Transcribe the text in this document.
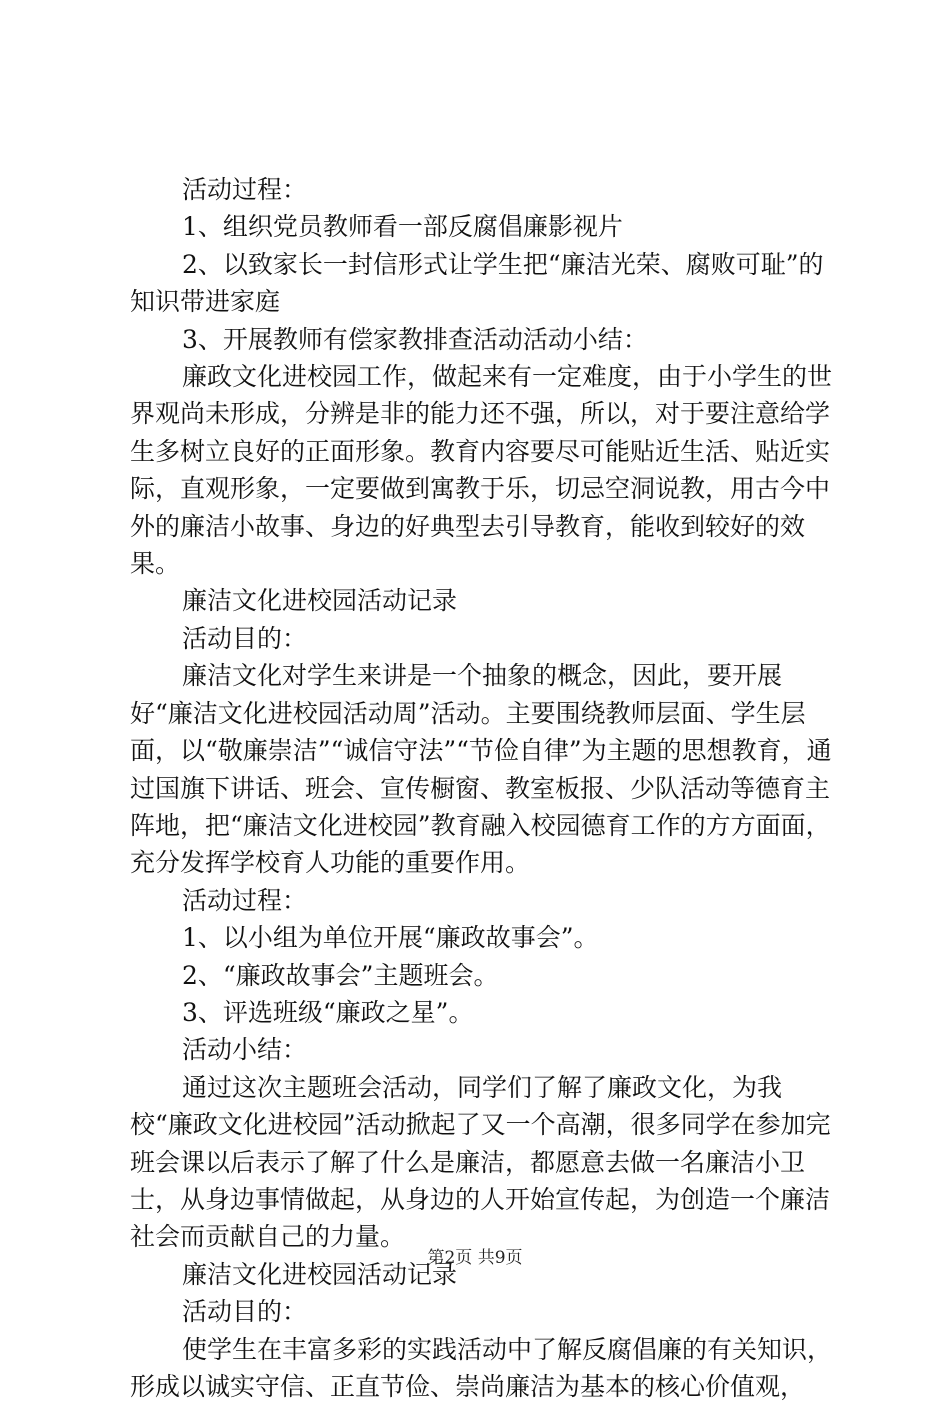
活动过程：

1、组织党员教师看一部反腐倡廉影视片

2、以致家长一封信形式让学生把“廉洁光荣、腐败可耻”的知识带进家庭

3、开展教师有偿家教排查活动活动小结：

廉政文化进校园工作，做起来有一定难度，由于小学生的世界观尚未形成，分辨是非的能力还不强，所以，对于要注意给学生多树立良好的正面形象。教育内容要尽可能贴近生活、贴近实际，直观形象，一定要做到寓教于乐，切忌空洞说教，用古今中外的廉洁小故事、身边的好典型去引导教育，能收到较好的效果。

廉洁文化进校园活动记录

活动目的：

廉洁文化对学生来讲是一个抽象的概念，因此，要开展好“廉洁文化进校园活动周”活动。主要围绕教师层面、学生层面，以“敬廉崇洁”“诚信守法”“节俭自律”为主题的思想教育，通过国旗下讲话、班会、宣传橱窗、教室板报、少队活动等德育主阵地，把“廉洁文化进校园”教育融入校园德育工作的方方面面，充分发挥学校育人功能的重要作用。

活动过程：

1、以小组为单位开展“廉政故事会”。

2、“廉政故事会”主题班会。

3、评选班级“廉政之星”。

活动小结：

通过这次主题班会活动，同学们了解了廉政文化，为我校“廉政文化进校园”活动掀起了又一个高潮，很多同学在参加完班会课以后表示了解了什么是廉洁，都愿意去做一名廉洁小卫士，从身边事情做起，从身边的人开始宣传起，为创造一个廉洁社会而贡献自己的力量。

廉洁文化进校园活动记录

活动目的：

使学生在丰富多彩的实践活动中了解反腐倡廉的有关知识，形成以诚实守信、正直节俭、崇尚廉洁为基本的核心价值观，

第2页 共9页
